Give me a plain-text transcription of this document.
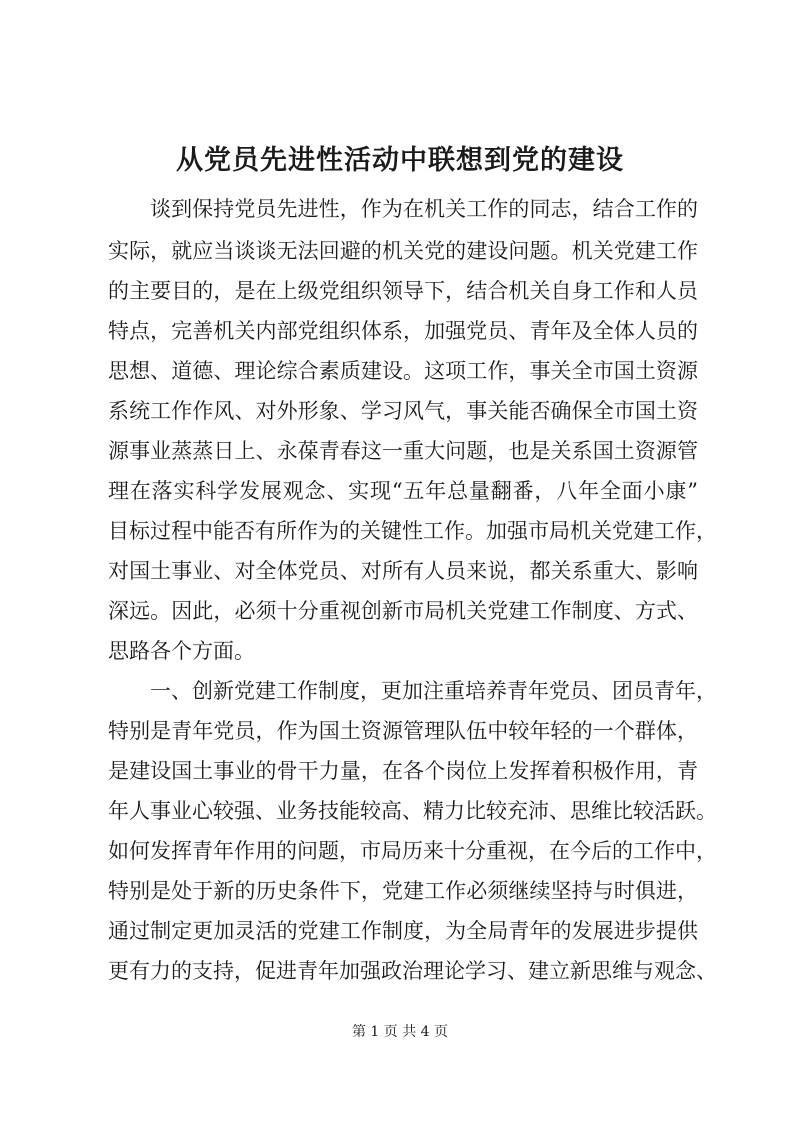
从党员先进性活动中联想到党的建设
谈到保持党员先进性，作为在机关工作的同志，结合工作的
实际，就应当谈谈无法回避的机关党的建设问题。机关党建工作
的主要目的，是在上级党组织领导下，结合机关自身工作和人员
特点，完善机关内部党组织体系，加强党员、青年及全体人员的
思想、道德、理论综合素质建设。这项工作，事关全市国土资源
系统工作作风、对外形象、学习风气，事关能否确保全市国土资
源事业蒸蒸日上、永葆青春这一重大问题，也是关系国土资源管
理在落实科学发展观念、实现“五年总量翻番，八年全面小康”
目标过程中能否有所作为的关键性工作。加强市局机关党建工作，
对国土事业、对全体党员、对所有人员来说，都关系重大、影响
深远。因此，必须十分重视创新市局机关党建工作制度、方式、
思路各个方面。
一、创新党建工作制度，更加注重培养青年党员、团员青年，
特别是青年党员，作为国土资源管理队伍中较年轻的一个群体，
是建设国土事业的骨干力量，在各个岗位上发挥着积极作用，青
年人事业心较强、业务技能较高、精力比较充沛、思维比较活跃。
如何发挥青年作用的问题，市局历来十分重视，在今后的工作中，
特别是处于新的历史条件下，党建工作必须继续坚持与时俱进，
通过制定更加灵活的党建工作制度，为全局青年的发展进步提供
更有力的支持，促进青年加强政治理论学习、建立新思维与观念、
第 1 页 共 4 页
